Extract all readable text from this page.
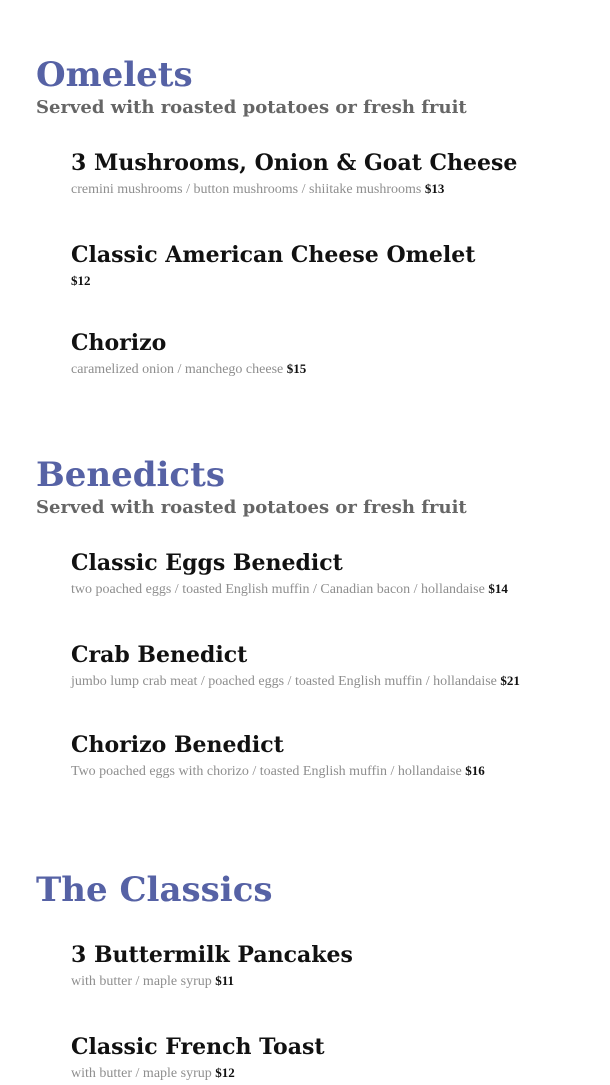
Omelets

Served with roasted potatoes or fresh fruit

3 Mushrooms, Onion & Goat Cheese

cremini mushrooms / button mushrooms / shiitake mushrooms $13

Classic American Cheese Omelet

$12

Chorizo

caramelized onion / manchego cheese $15

Benedicts

Served with roasted potatoes or fresh fruit

Classic Eggs Benedict

two poached eggs / toasted English muffin / Canadian bacon / hollandaise $14

Crab Benedict

jumbo lump crab meat / poached eggs / toasted English muffin / hollandaise $21

Chorizo Benedict

Two poached eggs with chorizo / toasted English muffin / hollandaise $16

The Classics
3 Buttermilk Pancakes

with butter / maple syrup $11

Classic French Toast

with butter / maple syrup $12
